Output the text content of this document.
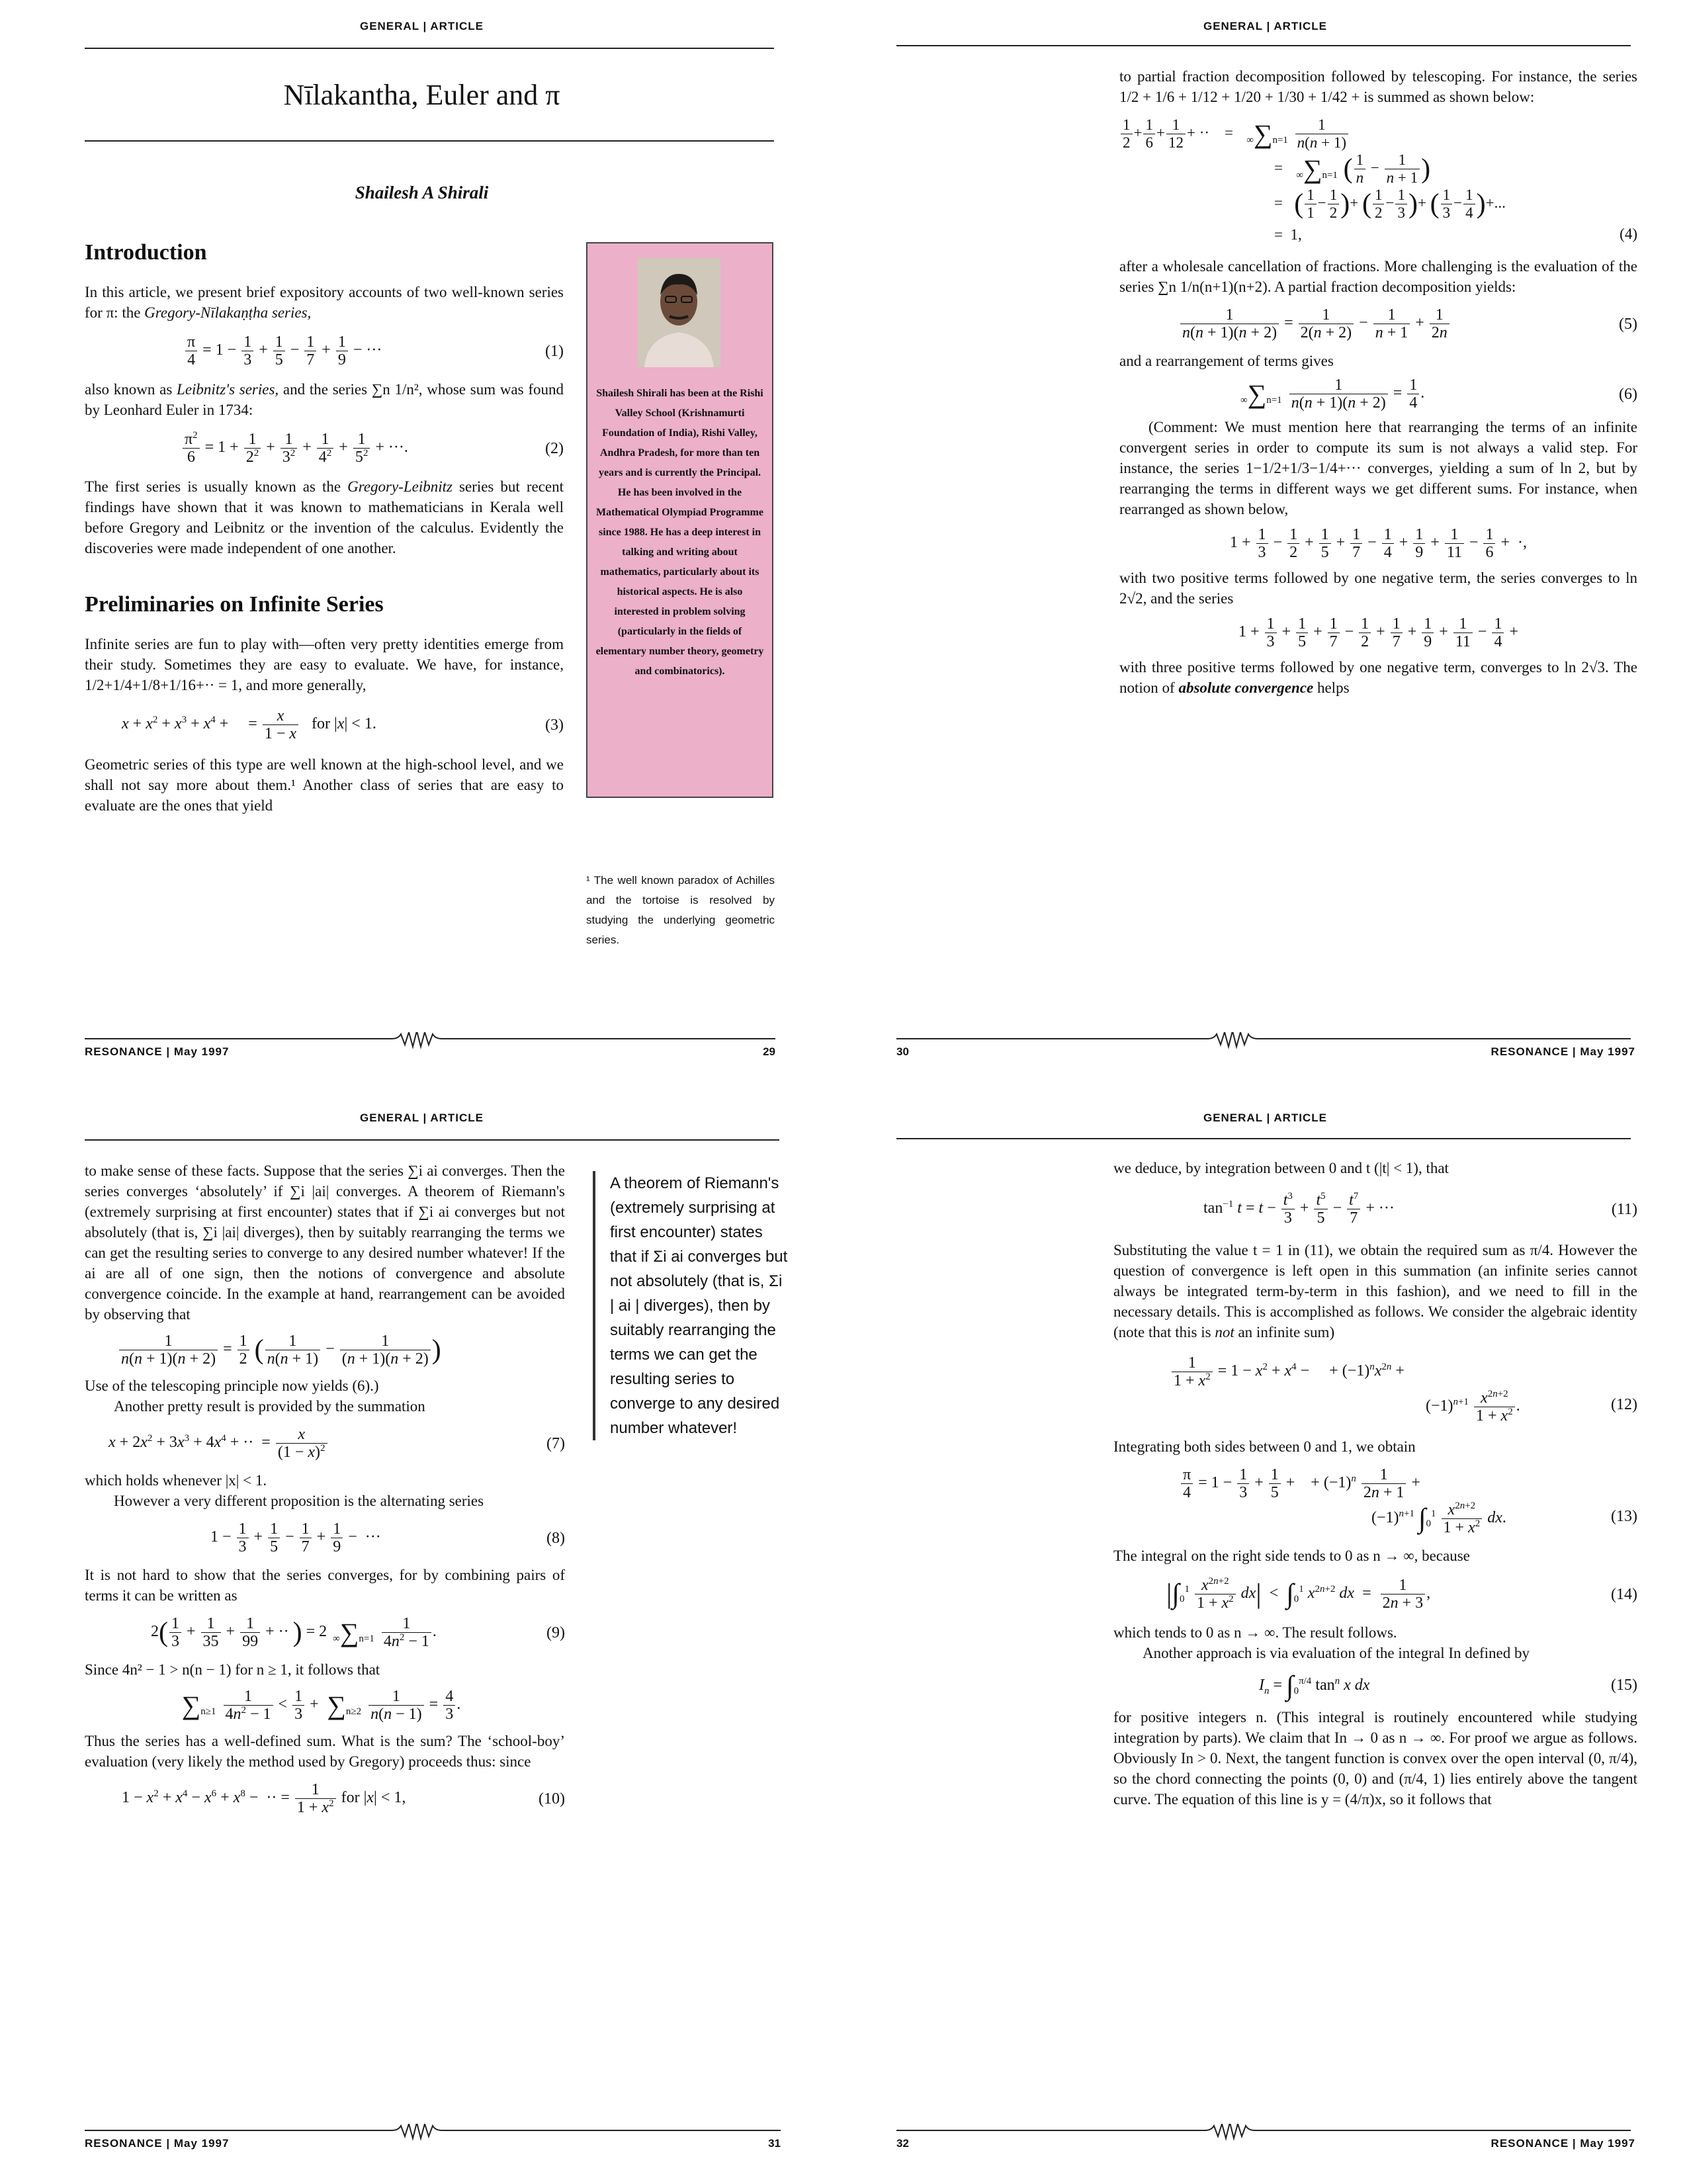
GENERAL | ARTICLE
Nīlakantha, Euler and π
Shailesh A Shirali
Introduction

In this article, we present brief expository accounts of two well-known series for π: the Gregory-Nīlakaṇṭha series,

$\frac{\pi}{4} = 1 - \frac{1}{3} + \frac{1}{5} - \frac{1}{7} + \frac{1}{9}$ − ···	(1)

also known as Leibnitz's series, and the series ∑n 1/n², whose sum was found by Leonhard Euler in 1734:

$\frac{\pi^2}{6} = 1 + \frac{1}{2^2} + \frac{1}{3^2} + \frac{1}{4^2} + \frac{1}{5^2}$ + ···.	(2)

The first series is usually known as the Gregory-Leibnitz series but recent findings have shown that it was known to mathematicians in Kerala well before Gregory and Leibnitz or the invention of the calculus. Evidently the discoveries were made independent of one another.

Preliminaries on Infinite Series

Infinite series are fun to play with—often very pretty identities emerge from their study. Sometimes they are easy to evaluate. We have, for instance, 1/2+1/4+1/8+1/16+·· = 1, and more generally,

$x + x^2 + x^3 + x^4$ +     = $\frac{x}{1 - x}$ for |x| < 1.	(3)

Geometric series of this type are well known at the high-school level, and we shall not say more about them.¹ Another class of series that are easy to evaluate are the ones that yield

Shailesh Shirali has been at the Rishi Valley School (Krishnamurti Foundation of India), Rishi Valley, Andhra Pradesh, for more than ten years and is currently the Principal. He has been involved in the Mathematical Olympiad Programme since 1988. He has a deep interest in talking and writing about mathematics, particularly about its historical aspects. He is also interested in problem solving (particularly in the fields of elementary number theory, geometry and combinatorics).
¹ The well known paradox of Achilles and the tortoise is resolved by studying the underlying geometric series.
RESONANCE | May 1997	29
GENERAL | ARTICLE

to partial fraction decomposition followed by telescoping. For instance, the series 1/2 + 1/6 + 1/12 + 1/20 + 1/30 + 1/42 + is summed as shown below:

$\frac{1}{2} + \frac{1}{6} + \frac{1}{12}$ + ··    =   $\infty\sum n=1 \frac{1}{n(n + 1)}$
=   ∞∑n=1 ( $\frac{1}{n} - \frac{1}{n + 1}$ )
=   ( $\frac{1}{1} - \frac{1}{2}$ )+ ( $\frac{1}{2} - \frac{1}{3}$ )+ ( $\frac{1}{3} - \frac{1}{4}$ )+...
=  1,	(4)

after a wholesale cancellation of fractions. More challenging is the evaluation of the series ∑n 1/n(n+1)(n+2). A partial fraction decomposition yields:

$\frac{1}{n(n + 1)(n + 2)} = \frac{1}{2(n + 2)} - \frac{1}{n + 1} + \frac{1}{2n}$	(5)

and a rearrangement of terms gives

$\infty\sum n=1 \frac{1}{n(n + 1)(n + 2)} = \frac{1}{4}$ .	(6)

(Comment: We must mention here that rearranging the terms of an infinite convergent series in order to compute its sum is not always a valid step. For instance, the series 1−1/2+1/3−1/4+··· converges, yielding a sum of ln 2, but by rearranging the terms in different ways we get different sums. For instance, when rearranged as shown below,

$1 + \frac{1}{3} - \frac{1}{2} + \frac{1}{5} + \frac{1}{7} - \frac{1}{4} + \frac{1}{9} + \frac{1}{11} - \frac{1}{6}$ +  ·,

with two positive terms followed by one negative term, the series converges to ln 2√2, and the series

$1 + \frac{1}{3} + \frac{1}{5} + \frac{1}{7} - \frac{1}{2} + \frac{1}{7} + \frac{1}{9} + \frac{1}{11} - \frac{1}{4}$ +

with three positive terms followed by one negative term, converges to ln 2√3. The notion of absolute convergence helps

30	RESONANCE | May 1997
GENERAL | ARTICLE

to make sense of these facts. Suppose that the series ∑i ai converges. Then the series converges ‘absolutely’ if ∑i |ai| converges. A theorem of Riemann's (extremely surprising at first encounter) states that if ∑i ai converges but not absolutely (that is, ∑i |ai| diverges), then by suitably rearranging the terms we can get the resulting series to converge to any desired number whatever! If the ai are all of one sign, then the notions of convergence and absolute convergence coincide. In the example at hand, rearrangement can be avoided by observing that

$\frac{1}{n(n + 1)(n + 2)} = \frac{1}{2}$ ( $\frac{1}{n(n + 1)} - \frac{1}{(n + 1)(n + 2)}$ )

Use of the telescoping principle now yields (6).)

Another pretty result is provided by the summation

$x + 2x^2 + 3x^3 + 4x^4$ + ··  = $\frac{x}{(1 - x)^2}$	(7)

which holds whenever |x| < 1.

However a very different proposition is the alternating series

$1 - \frac{1}{3} + \frac{1}{5} - \frac{1}{7} + \frac{1}{9}$ −  ···	(8)

It is not hard to show that the series converges, for by combining pairs of terms it can be written as

$2( \frac{1}{3} + \frac{1}{35} + \frac{1}{99}$ + ·· ) = 2 $\infty\sum n=1 \frac{1}{4n^2 - 1}$ .	(9)

Since 4n² − 1 > n(n − 1) for n ≥ 1, it follows that

$\sum n\ge 1 \frac{1}{4n^2 - 1} < \frac{1}{3} + \sum n\ge 2 \frac{1}{n(n - 1)} = \frac{4}{3}$ .

Thus the series has a well-defined sum. What is the sum? The ‘school-boy’ evaluation (very likely the method used by Gregory) proceeds thus: since

$1 - x^2 + x^4 - x^6 + x^8$ −  ·· = $\frac{1}{1 + x^2}$ for |x| < 1,	(10)
A theorem of Riemann's (extremely surprising at first encounter) states that if Σi ai converges but not absolutely (that is, Σi | ai | diverges), then by suitably rearranging the terms we can get the resulting series to converge to any desired number whatever!
RESONANCE | May 1997	31
GENERAL | ARTICLE

we deduce, by integration between 0 and t (|t| < 1), that

$\tan^{-1} t = t - \frac{t^3}{3} + \frac{t^5}{5} - \frac{t^7}{7}$ + ···	(11)

Substituting the value t = 1 in (11), we obtain the required sum as π/4. However the question of convergence is left open in this summation (an infinite series cannot always be integrated term-by-term in this fashion), and we need to fill in the necessary details. This is accomplished as follows. We consider the algebraic identity (note that this is not an infinite sum)

$\frac{1}{1 + x^2} = 1 - x^2 + x^4$ −     + $(-1)^nx^{2n}$ +
$(-1)^{n+1} \frac{x^{2n+2}}{1 + x^2}$ .	(12)

Integrating both sides between 0 and 1, we obtain

$\frac{\pi}{4} = 1 - \frac{1}{3} + \frac{1}{5}$ +    + $(-1)^n \frac{1}{2n + 1}$ +
$(-1)^{n+1}$ $\int_0^1 \frac{x^{2n+2}}{1 + x^2}$ dx.	(13)

The integral on the right side tends to 0 as n → ∞, because

$|\int_0^1 \frac{x^{2n+2}}{1 + x^2} dx| < \int_0^1$ $x^{2n+2}$ dx  = $\frac{1}{2n + 3}$ ,	(14)

which tends to 0 as n → ∞. The result follows.

Another approach is via evaluation of the integral In defined by

$I_n = \int_0^{\pi/4}$ $\tan^n x$ dx	(15)

for positive integers n. (This integral is routinely encountered while studying integration by parts). We claim that In → 0 as n → ∞. For proof we argue as follows. Obviously In > 0. Next, the tangent function is convex over the open interval (0, π/4), so the chord connecting the points (0, 0) and (π/4, 1) lies entirely above the tangent curve. The equation of this line is y = (4/π)x, so it follows that

32	RESONANCE | May 1997
